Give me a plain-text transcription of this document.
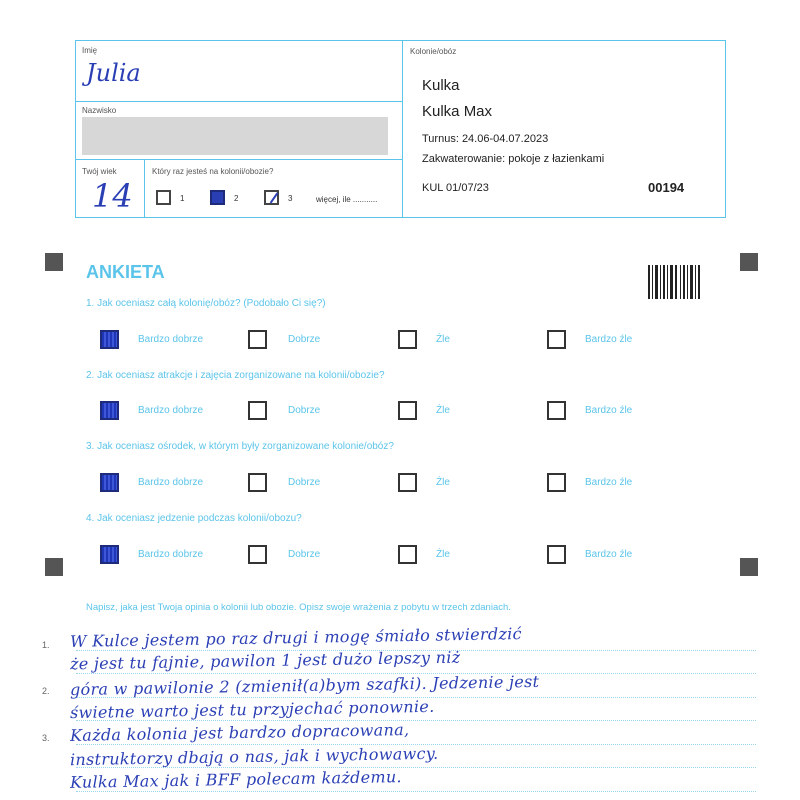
Imię
Julia
Nazwisko
Twój wiek
14
Który raz jesteś na kolonii/obozie?
1	2	3	więcej, ile ...........
Kolonie/obóz
Kulka
Kulka Max
Turnus: 24.06-04.07.2023
Zakwaterowanie: pokoje z łazienkami
KUL 01/07/23	00194
ANKIETA
1. Jak oceniasz całą kolonię/obóz? (Podobało Ci się?)
Bardzo dobrze	Dobrze	Źle	Bardzo źle
2. Jak oceniasz atrakcje i zajęcia zorganizowane na kolonii/obozie?
Bardzo dobrze	Dobrze	Źle	Bardzo źle
3. Jak oceniasz ośrodek, w którym były zorganizowane kolonie/obóz?
Bardzo dobrze	Dobrze	Źle	Bardzo źle
4. Jak oceniasz jedzenie podczas kolonii/obozu?
Bardzo dobrze	Dobrze	Źle	Bardzo źle
Napisz, jaka jest Twoja opinia o kolonii lub obozie. Opisz swoje wrażenia z pobytu w trzech zdaniach.
1.
2.
3.
W Kulce jestem po raz drugi i mogę śmiało stwierdzić
że jest tu fajnie, pawilon 1 jest dużo lepszy niż
góra w pawilonie 2 (zmienił(a)bym szafki). Jedzenie jest
świetne warto jest tu przyjechać ponownie.
Każda kolonia jest bardzo dopracowana,
instruktorzy dbają o nas, jak i wychowawcy.
Kulka Max jak i BFF polecam każdemu.
